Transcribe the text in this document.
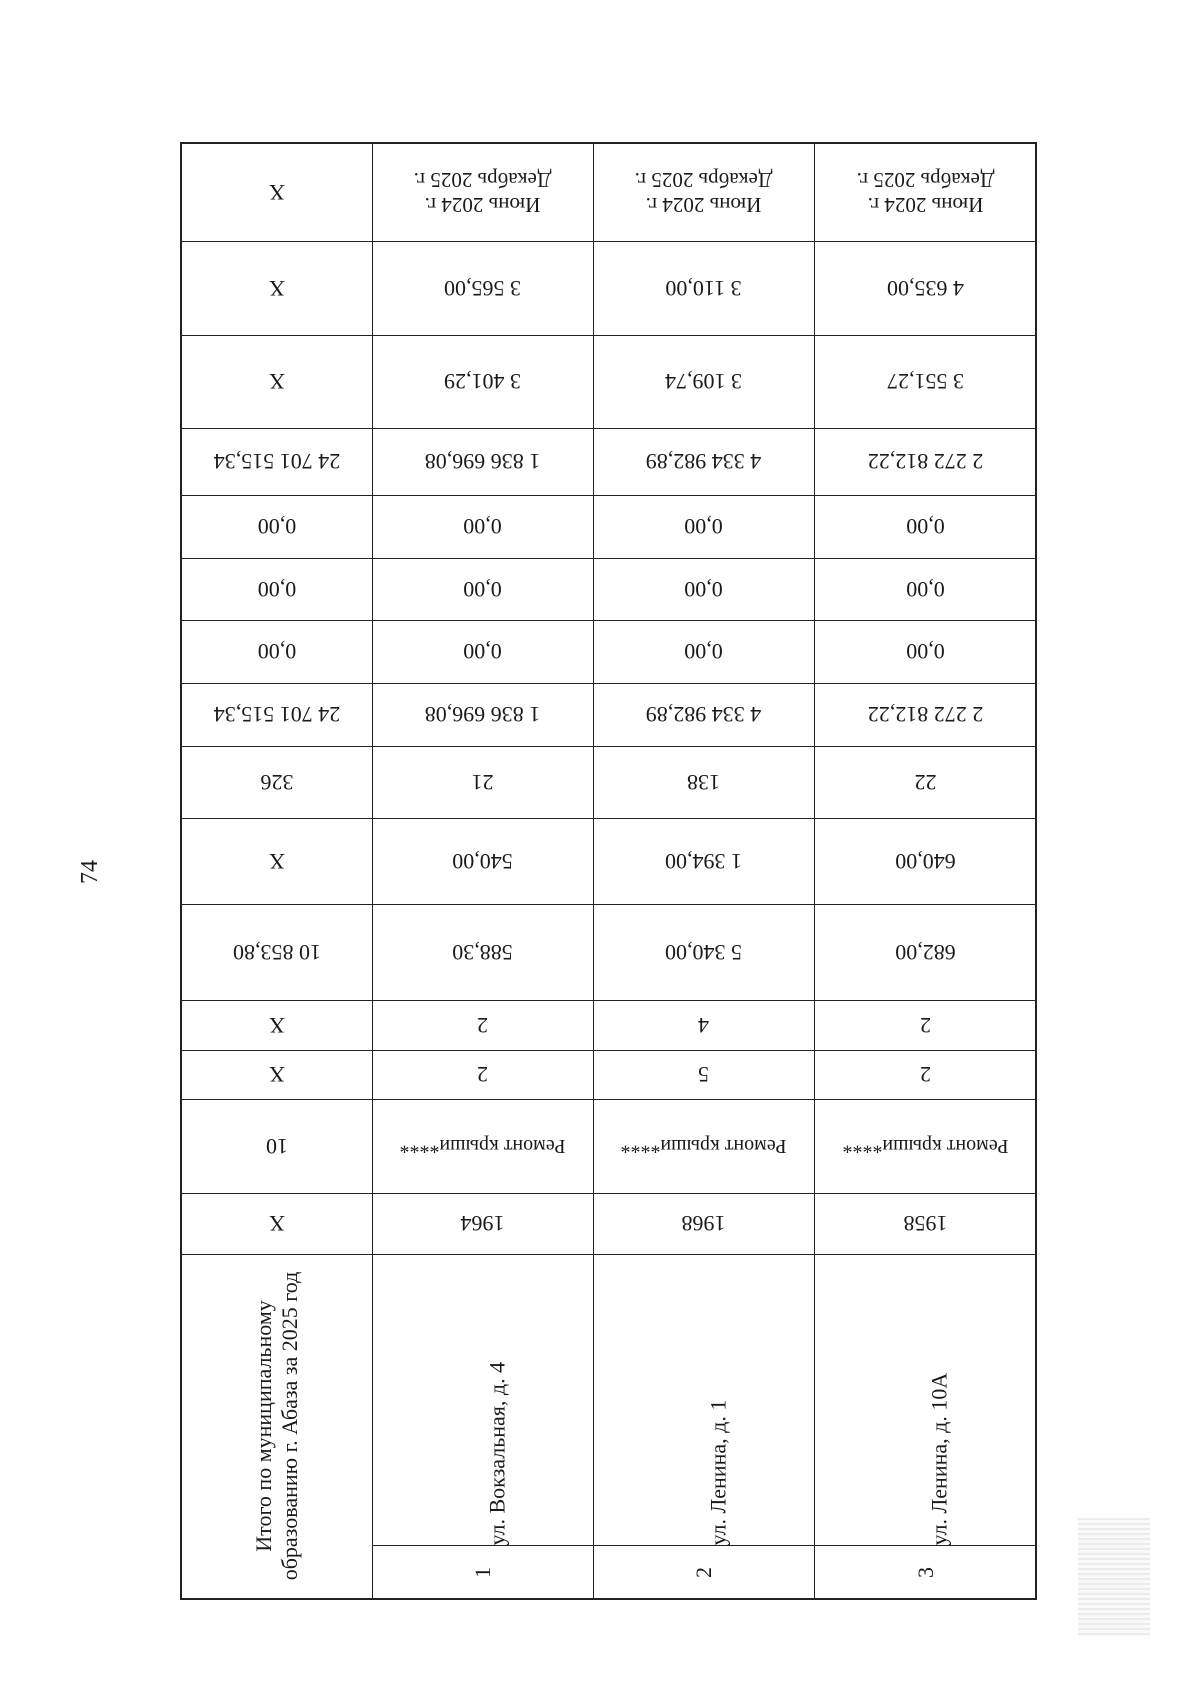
74
X
X
X
24 701 515,34
0,00
0,00
0,00
24 701 515,34
326
X
10 853,80
X
X
10
X
Итого по муниципальному образованию г. Абаза за 2025 год
Июнь 2024 г.
Декабрь 2025 г.
3 565,00
3 401,29
1 836 696,08
0,00
0,00
0,00
1 836 696,08
21
540,00
588,30
2
2
Ремонт крыши****
1964
ул. Вокзальная, д. 4
1
Июнь 2024 г.
Декабрь 2025 г.
3 110,00
3 109,74
4 334 982,89
0,00
0,00
0,00
4 334 982,89
138
1 394,00
5 340,00
4
5
Ремонт крыши****
1968
ул. Ленина, д. 1
2
Июнь 2024 г.
Декабрь 2025 г.
4 635,00
3 551,27
2 272 812,22
0,00
0,00
0,00
2 272 812,22
22
640,00
682,00
2
2
Ремонт крыши****
1958
ул. Ленина, д. 10А
3
